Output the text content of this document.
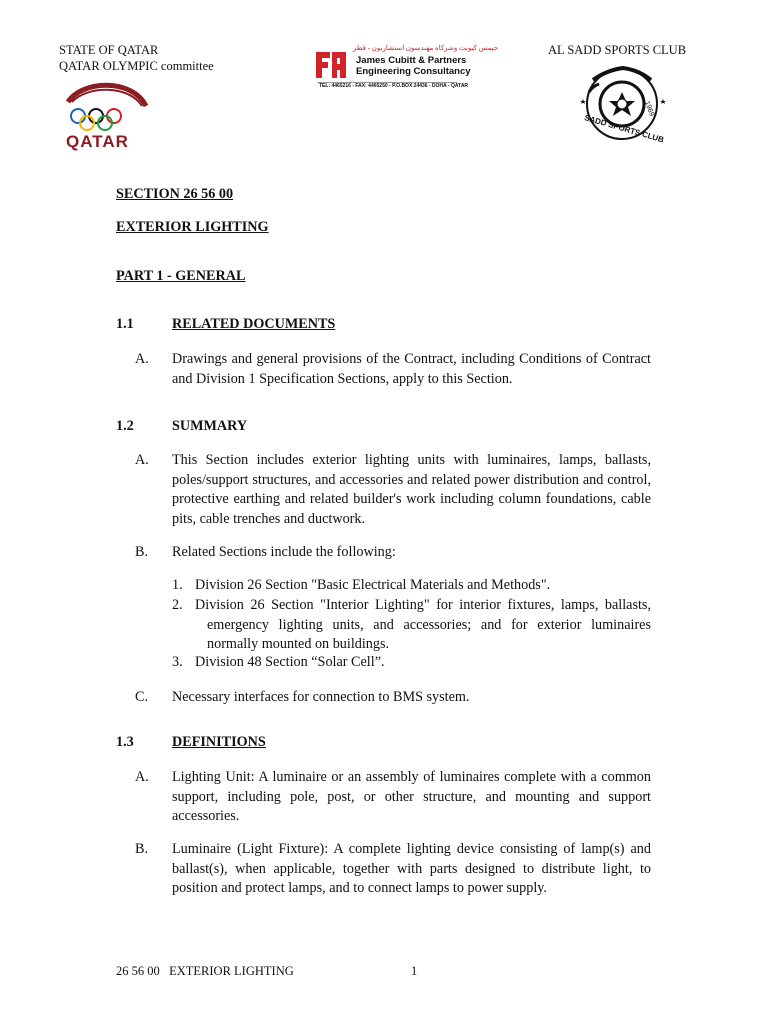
STATE OF QATAR
QATAR OLYMPIC committee
QATAR
جيمس كيوبت وشركاه مهندسون استشاريون - قطر
James Cubitt & Partners
Engineering Consultancy
TEL: 4465216 - FAX: 4465250 - P.O.BOX 24436 - DOHA - QATAR
AL SADD SPORTS CLUB
1969
SADD SPORTS CLUB
SECTION 26 56 00
EXTERIOR LIGHTING
PART 1 - GENERAL
1.1	RELATED DOCUMENTS
A. Drawings and general provisions of the Contract, including Conditions of Contract and Division 1 Specification Sections, apply to this Section.
1.2	SUMMARY
A. This Section includes exterior lighting units with luminaires, lamps, ballasts, poles/support structures, and accessories and related power distribution and control, protective earthing and related builder's work including column foundations, cable pits, cable trenches and ductwork.
B. Related Sections include the following:
1. Division 26 Section "Basic Electrical Materials and Methods".
2. Division 26 Section "Interior Lighting" for interior fixtures, lamps, ballasts, emergency lighting units, and accessories; and for exterior luminaires normally mounted on buildings.
3. Division 48 Section “Solar Cell”.
C. Necessary interfaces for connection to BMS system.
1.3	DEFINITIONS
A. Lighting Unit: A luminaire or an assembly of luminaires complete with a common support, including pole, post, or other structure, and mounting and support accessories.
B. Luminaire (Light Fixture): A complete lighting device consisting of lamp(s) and ballast(s), when applicable, together with parts designed to distribute light, to position and protect lamps, and to connect lamps to power supply.
26 56 00   EXTERIOR LIGHTING	1
